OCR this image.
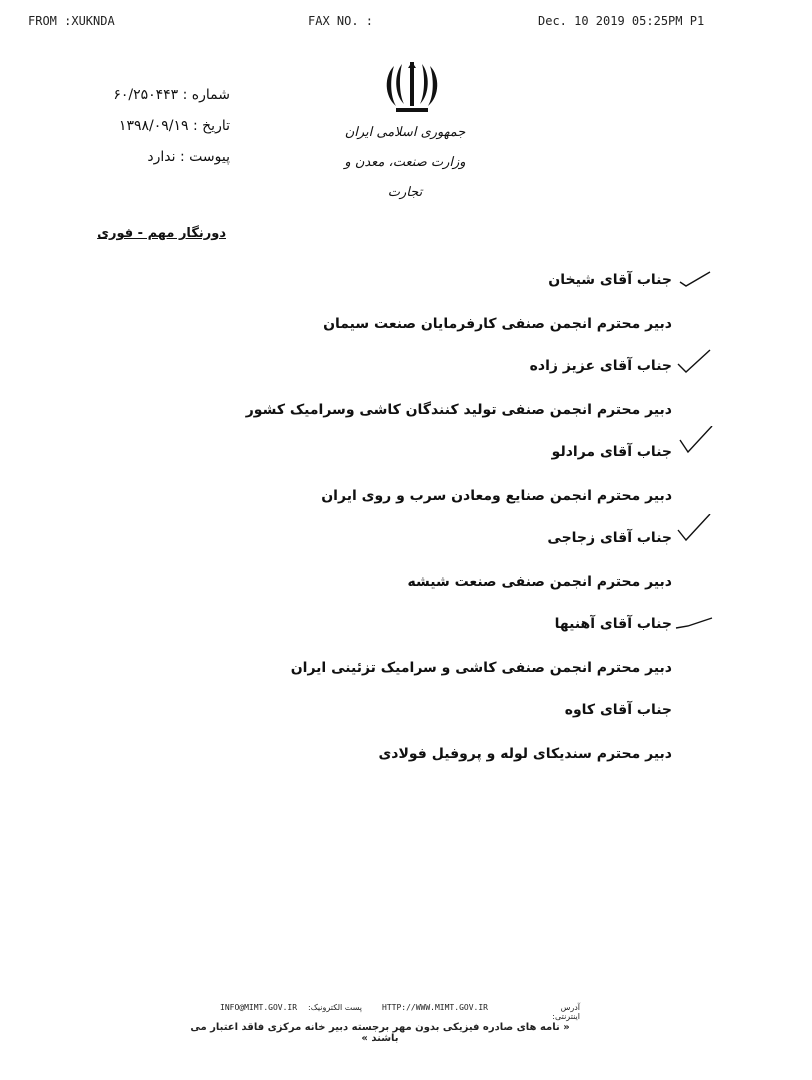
FROM :XUKNDA	FAX NO. :	Dec. 10 2019 05:25PM P1
شماره : ۶۰/۲۵۰۴۴۳
تاریخ : ۱۳۹۸/۰۹/۱۹
پیوست : ندارد
جمهوری اسلامی ایران
وزارت صنعت، معدن و تجارت
دورنگار مهم - فوری
جناب آقای شیخان
دبیر محترم انجمن صنفی کارفرمایان صنعت سیمان
جناب آقای عزیز زاده
دبیر محترم انجمن صنفی تولید کنندگان کاشی وسرامیک کشور
جناب آقای مرادلو
دبیر محترم انجمن صنایع ومعادن سرب و روی ایران
جناب آقای زجاجی
دبیر محترم انجمن صنفی صنعت شیشه
جناب آقای آهنیها
دبیر محترم انجمن صنفی کاشی و سرامیک تزئینی ایران
جناب آقای کاوه
دبیر محترم سندیکای لوله و پروفیل فولادی
INFO@MIMT.GOV.IR پست الکترونیک: HTTP://WWW.MIMT.GOV.IR	آدرس اینترنتی:
« نامه های صادره فیزیکی بدون مهر برجسته دبیر خانه مرکزی فاقد اعتبار می باشند »
